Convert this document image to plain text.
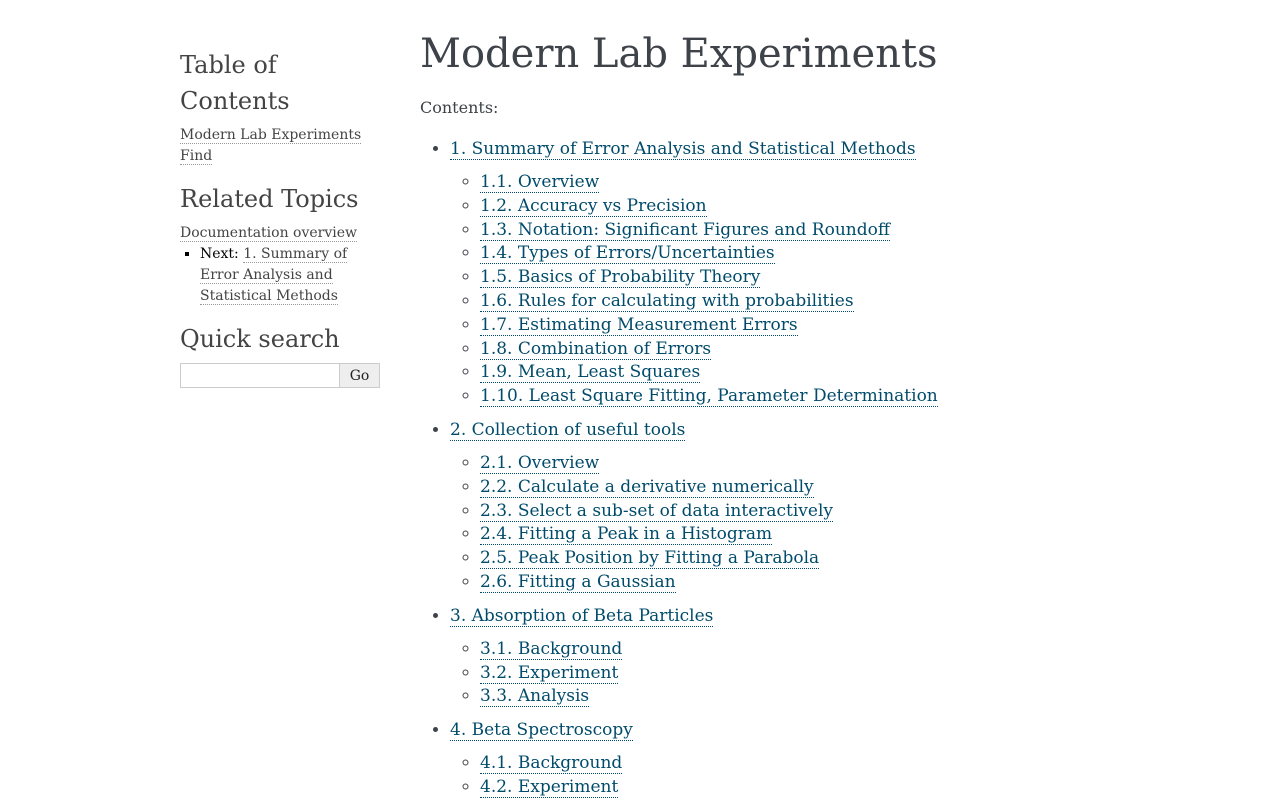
Table of Contents
Modern Lab Experiments
Find
Related Topics
Documentation overview
▪ Next: 1. Summary of Error Analysis and Statistical Methods
Quick search
Go
Modern Lab Experiments

Contents:

• 1. Summary of Error Analysis and Statistical Methods
◦ 1.1. Overview
◦ 1.2. Accuracy vs Precision
◦ 1.3. Notation: Significant Figures and Roundoff
◦ 1.4. Types of Errors/Uncertainties
◦ 1.5. Basics of Probability Theory
◦ 1.6. Rules for calculating with probabilities
◦ 1.7. Estimating Measurement Errors
◦ 1.8. Combination of Errors
◦ 1.9. Mean, Least Squares
◦ 1.10. Least Square Fitting, Parameter Determination
• 2. Collection of useful tools
◦ 2.1. Overview
◦ 2.2. Calculate a derivative numerically
◦ 2.3. Select a sub-set of data interactively
◦ 2.4. Fitting a Peak in a Histogram
◦ 2.5. Peak Position by Fitting a Parabola
◦ 2.6. Fitting a Gaussian
• 3. Absorption of Beta Particles
◦ 3.1. Background
◦ 3.2. Experiment
◦ 3.3. Analysis
• 4. Beta Spectroscopy
◦ 4.1. Background
◦ 4.2. Experiment
